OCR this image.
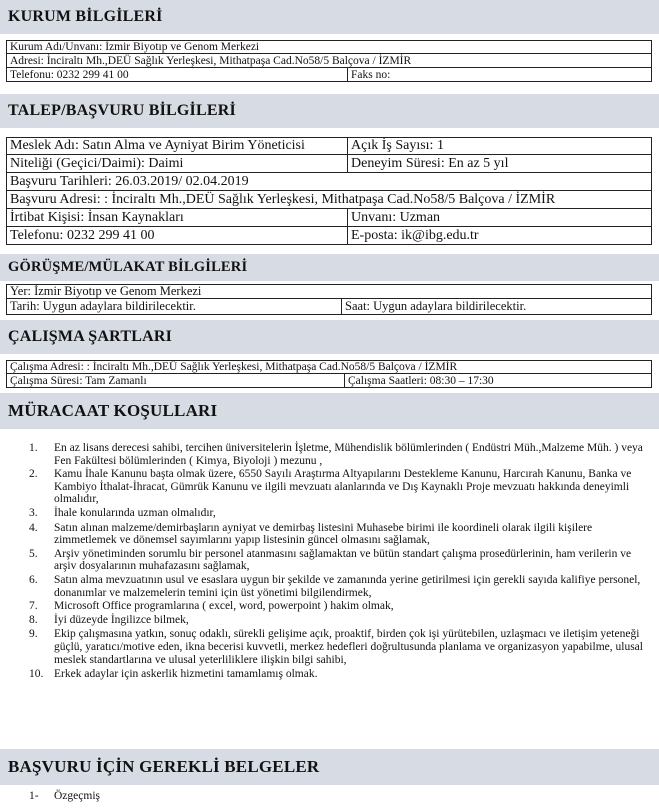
KURUM BİLGİLERİ
Kurum Adı/Unvanı: İzmir Biyotıp ve Genom Merkezi
Adresi: İnciraltı Mh.,DEÜ Sağlık Yerleşkesi, Mithatpaşa Cad.No58/5 Balçova / İZMİR
Telefonu: 0232 299 41 00	Faks no:
TALEP/BAŞVURU BİLGİLERİ
Meslek Adı: Satın Alma ve Ayniyat Birim Yöneticisi	Açık İş Sayısı: 1
Niteliği (Geçici/Daimi): Daimi	Deneyim Süresi: En az 5 yıl
Başvuru Tarihleri: 26.03.2019/ 02.04.2019
Başvuru Adresi: : İnciraltı Mh.,DEÜ Sağlık Yerleşkesi, Mithatpaşa Cad.No58/5 Balçova / İZMİR
İrtibat Kişisi: İnsan Kaynakları	Unvanı: Uzman
Telefonu: 0232 299 41 00	E-posta: ik@ibg.edu.tr
GÖRÜŞME/MÜLAKAT BİLGİLERİ
Yer: İzmir Biyotıp ve Genom Merkezi
Tarih: Uygun adaylara bildirilecektir.	Saat: Uygun adaylara bildirilecektir.
ÇALIŞMA ŞARTLARI
Çalışma Adresi: : İnciraltı Mh.,DEÜ Sağlık Yerleşkesi, Mithatpaşa Cad.No58/5 Balçova / İZMİR
Çalışma Süresi: Tam Zamanlı	Çalışma Saatleri: 08:30 – 17:30
MÜRACAAT KOŞULLARI
1.	En az lisans derecesi sahibi, tercihen üniversitelerin İşletme, Mühendislik bölümlerinden ( Endüstri Müh.,Malzeme Müh. ) veya Fen Fakültesi bölümlerinden ( Kimya, Biyoloji ) mezunu ,
2.	Kamu İhale Kanunu başta olmak üzere, 6550 Sayılı Araştırma Altyapılarını Destekleme Kanunu, Harcırah Kanunu, Banka ve Kambiyo İthalat-İhracat, Gümrük Kanunu ve ilgili mevzuatı alanlarında ve Dış Kaynaklı Proje mevzuatı hakkında deneyimli olmalıdır,
3.	İhale konularında uzman olmalıdır,
4.	Satın alınan malzeme/demirbaşların ayniyat ve demirbaş listesini Muhasebe birimi ile koordineli olarak ilgili kişilere zimmetlemek ve dönemsel sayımlarını yapıp listesinin güncel olmasını sağlamak,
5.	Arşiv yönetiminden sorumlu bir personel atanmasını sağlamaktan ve bütün standart çalışma prosedürlerinin, ham verilerin ve arşiv dosyalarının muhafazasını sağlamak,
6.	Satın alma mevzuatının usul ve esaslara uygun bir şekilde ve zamanında yerine getirilmesi için gerekli sayıda kalifiye personel, donanımlar ve malzemelerin temini için üst yönetimi bilgilendirmek,
7.	Microsoft Office programlarına ( excel, word, powerpoint ) hakim olmak,
8.	İyi düzeyde İngilizce bilmek,
9.	Ekip çalışmasına yatkın, sonuç odaklı, sürekli gelişime açık, proaktif, birden çok işi yürütebilen, uzlaşmacı ve iletişim yeteneği güçlü, yaratıcı/motive eden, ikna becerisi kuvvetli, merkez hedefleri doğrultusunda planlama ve organizasyon yapabilme, ulusal meslek standartlarına ve ulusal yeterliliklere ilişkin bilgi sahibi,
10. Erkek adaylar için askerlik hizmetini tamamlamış olmak.
BAŞVURU İÇİN GEREKLİ BELGELER
1- Özgeçmiş
